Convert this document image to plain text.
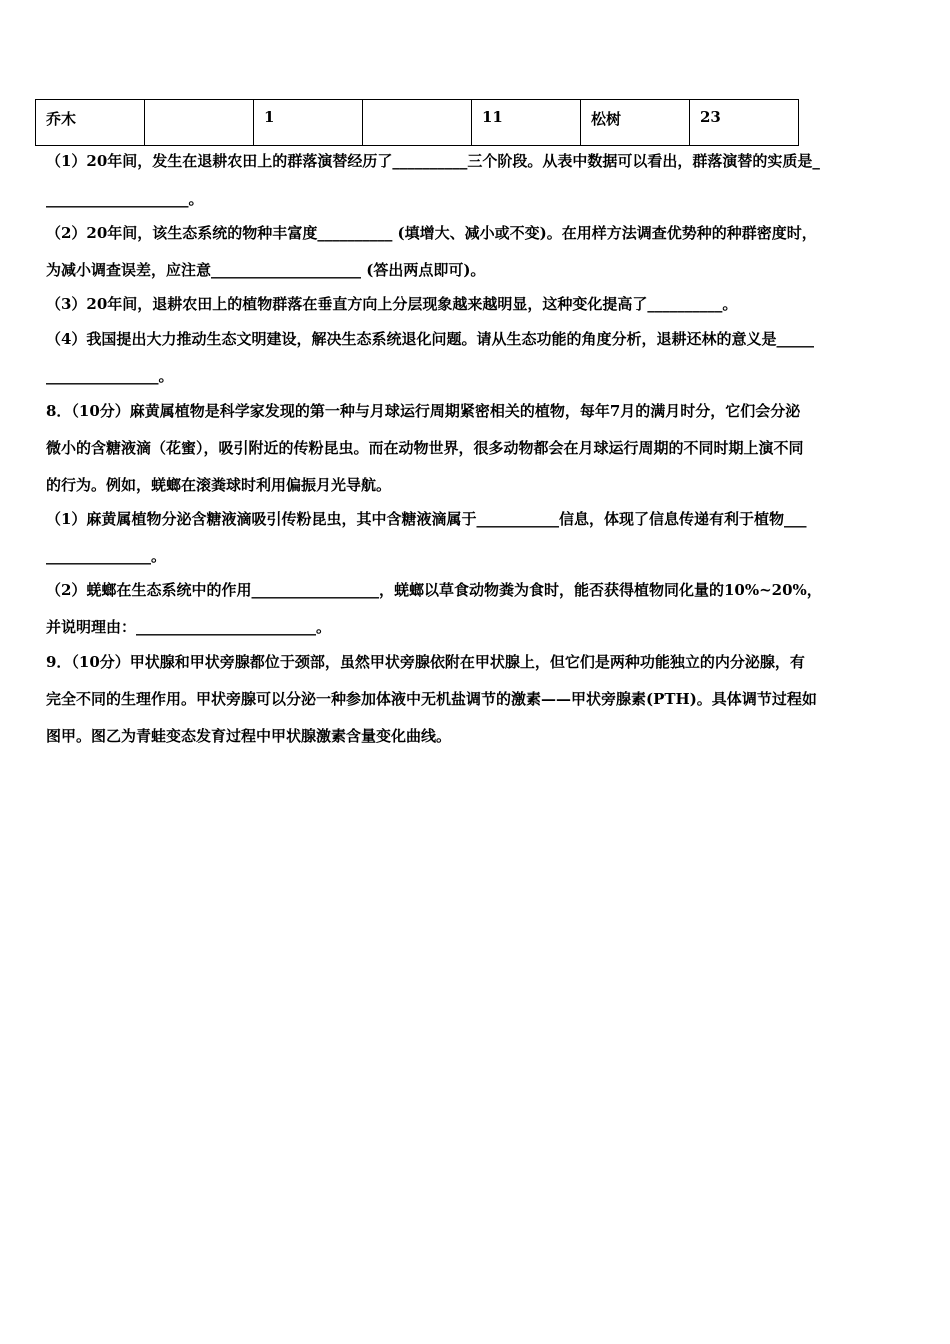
乔木		1		11	松树	23
（1）20年间，发生在退耕农田上的群落演替经历了__________三个阶段。从表中数据可以看出，群落演替的实质是_
___________________。
（2）20年间，该生态系统的物种丰富度__________ (填增大、减小或不变)。在用样方法调查优势种的种群密度时，
为减小调查误差，应注意____________________ (答出两点即可)。
（3）20年间，退耕农田上的植物群落在垂直方向上分层现象越来越明显，这种变化提高了__________。
（4）我国提出大力推动生态文明建设，解决生态系统退化问题。请从生态功能的角度分析，退耕还林的意义是_____
_______________。
8．（10分）麻黄属植物是科学家发现的第一种与月球运行周期紧密相关的植物，每年7月的满月时分，它们会分泌
微小的含糖液滴（花蜜），吸引附近的传粉昆虫。而在动物世界，很多动物都会在月球运行周期的不同时期上演不同
的行为。例如，蜣螂在滚粪球时利用偏振月光导航。
（1）麻黄属植物分泌含糖液滴吸引传粉昆虫，其中含糖液滴属于___________信息，体现了信息传递有利于植物___
______________。
（2）蜣螂在生态系统中的作用_________________，蜣螂以草食动物粪为食时，能否获得植物同化量的10%~20%，
并说明理由：________________________。
9．（10分）甲状腺和甲状旁腺都位于颈部，虽然甲状旁腺依附在甲状腺上，但它们是两种功能独立的内分泌腺，有
完全不同的生理作用。甲状旁腺可以分泌一种参加体液中无机盐调节的激素——甲状旁腺素(PTH)。具体调节过程如
图甲。图乙为青蛙变态发育过程中甲状腺激素含量变化曲线。
